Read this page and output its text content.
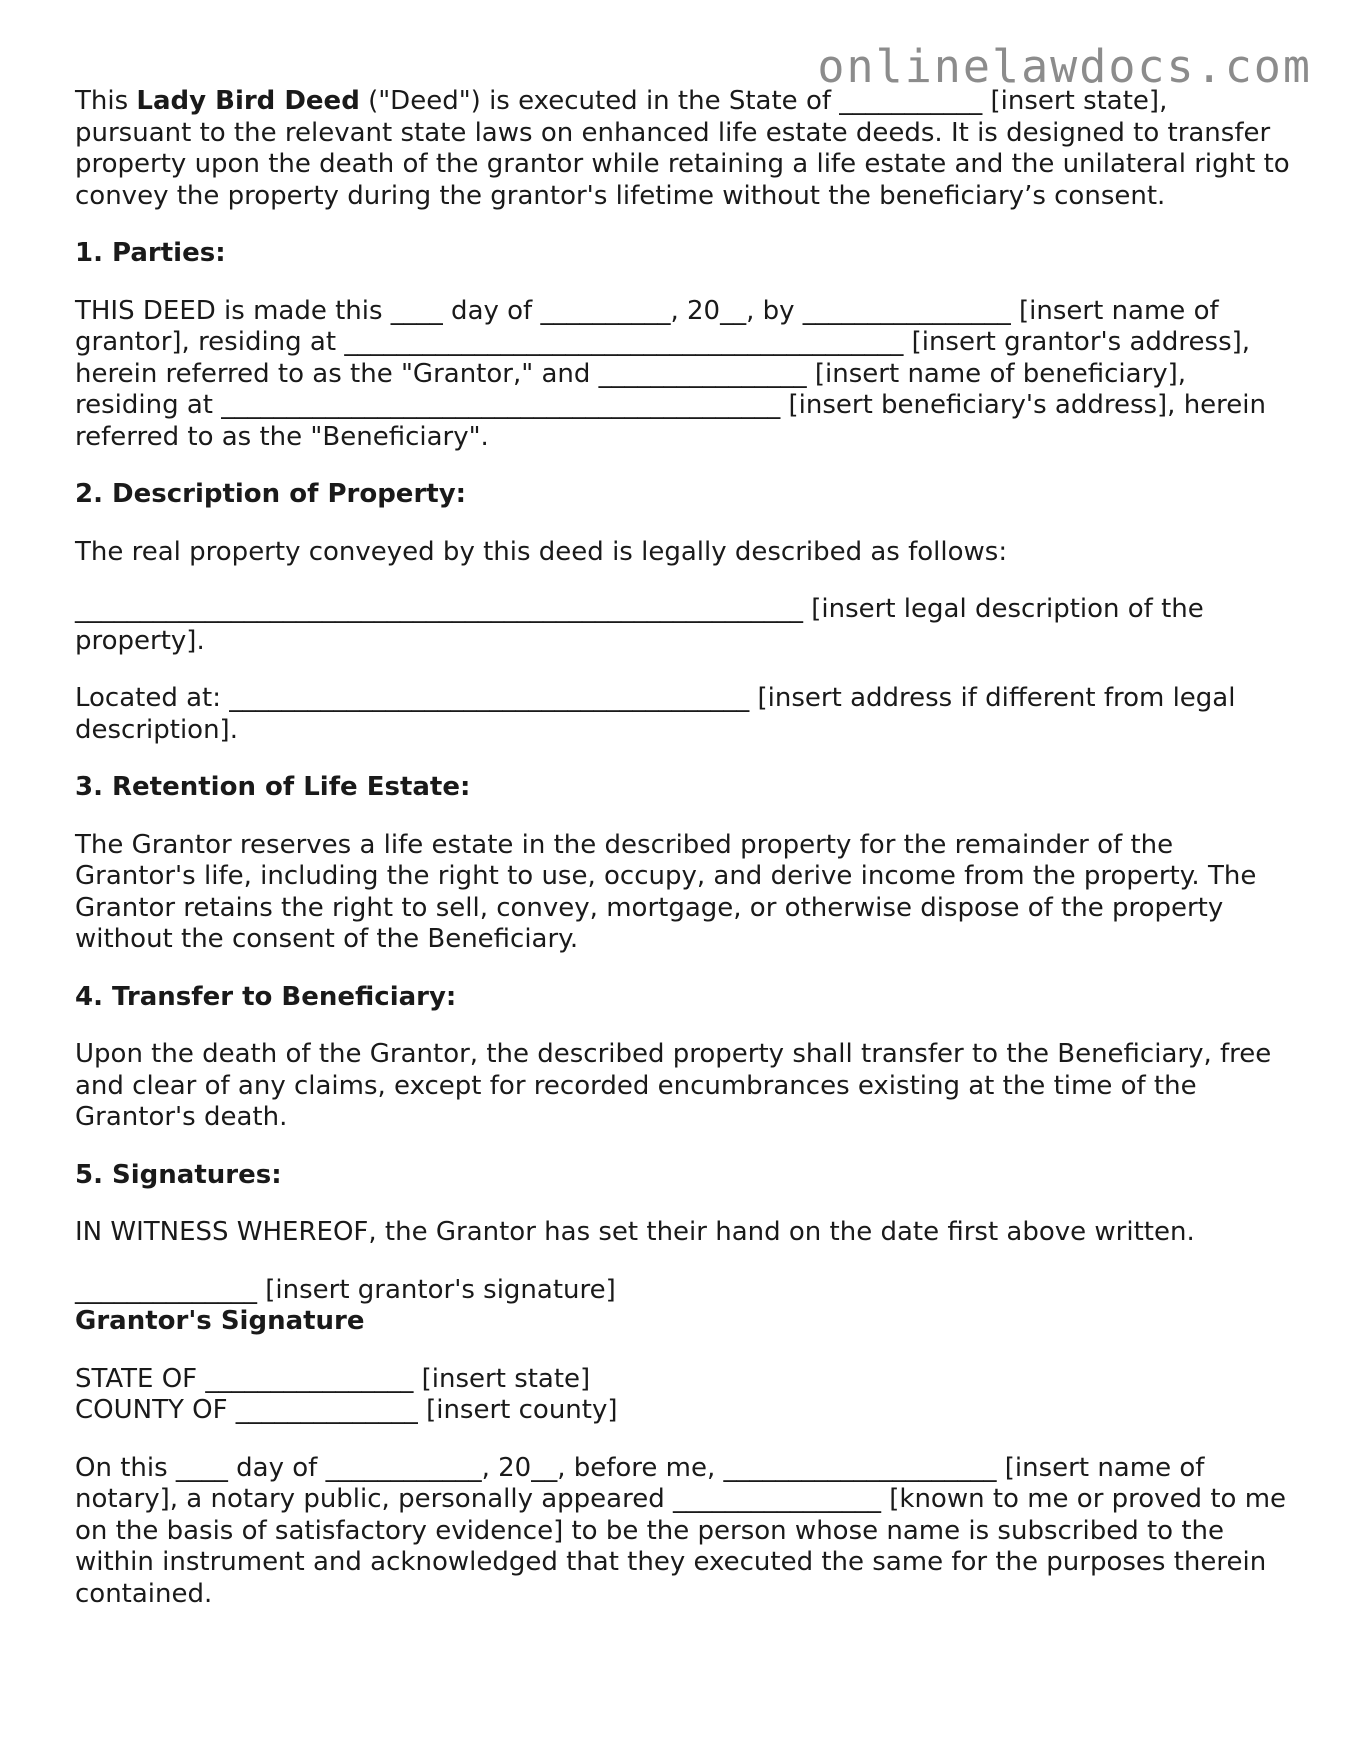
onlinelawdocs.com

This Lady Bird Deed ("Deed") is executed in the State of ___________ [insert state], pursuant to the relevant state laws on enhanced life estate deeds. It is designed to transfer property upon the death of the grantor while retaining a life estate and the unilateral right to convey the property during the grantor's lifetime without the beneficiary’s consent.

1. Parties:

THIS DEED is made this ____ day of __________, 20__, by ________________ [insert name of grantor], residing at ___________________________________________ [insert grantor's address], herein referred to as the "Grantor," and ________________ [insert name of beneficiary], residing at ___________________________________________ [insert beneficiary's address], herein referred to as the "Beneficiary".

2. Description of Property:

The real property conveyed by this deed is legally described as follows:

________________________________________________________ [insert legal description of the property].

Located at: ________________________________________ [insert address if different from legal description].

3. Retention of Life Estate:

The Grantor reserves a life estate in the described property for the remainder of the Grantor's life, including the right to use, occupy, and derive income from the property. The Grantor retains the right to sell, convey, mortgage, or otherwise dispose of the property without the consent of the Beneficiary.

4. Transfer to Beneficiary:

Upon the death of the Grantor, the described property shall transfer to the Beneficiary, free and clear of any claims, except for recorded encumbrances existing at the time of the Grantor's death.

5. Signatures:

IN WITNESS WHEREOF, the Grantor has set their hand on the date first above written.

______________ [insert grantor's signature]

Grantor's Signature

STATE OF ________________ [insert state]

COUNTY OF ______________ [insert county]

On this ____ day of ____________, 20__, before me, _____________________ [insert name of notary], a notary public, personally appeared ________________ [known to me or proved to me on the basis of satisfactory evidence] to be the person whose name is subscribed to the within instrument and acknowledged that they executed the same for the purposes therein contained.
